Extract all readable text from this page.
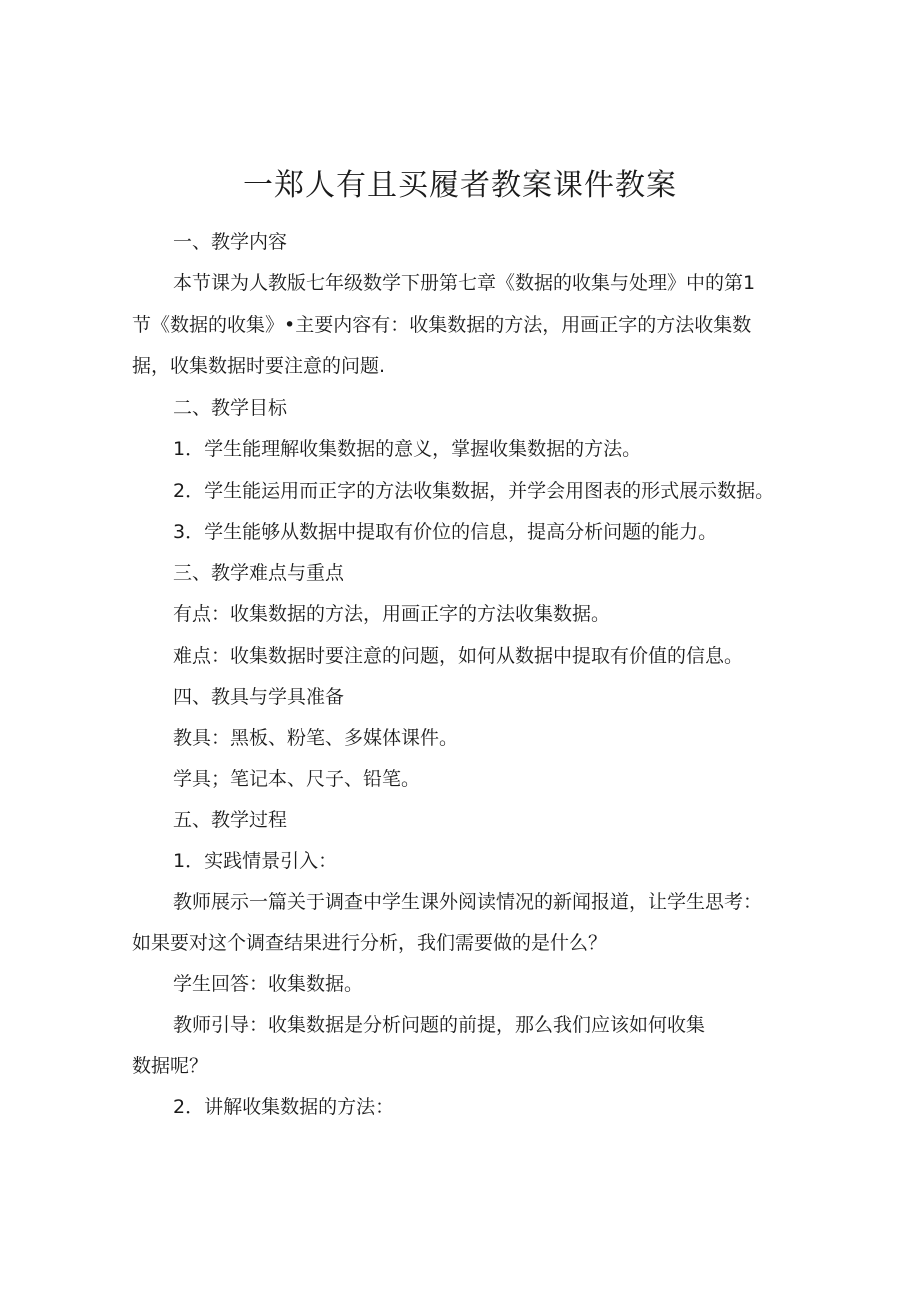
一郑人有且买履者教案课件教案

一、教学内容

本节课为人教版七年级数学下册第七章《数据的收集与处理》中的第1

节《数据的收集》•主要内容有：收集数据的方法，用画正字的方法收集数

据，收集数据时要注意的问题.

二、教学目标

1．学生能理解收集数据的意义，掌握收集数据的方法。

2．学生能运用而正字的方法收集数据，并学会用图表的形式展示数据。

3．学生能够从数据中提取有价位的信息，提高分析问题的能力。

三、教学难点与重点

有点：收集数据的方法，用画正字的方法收集数据。

难点：收集数据时要注意的问题，如何从数据中提取有价值的信息。

四、教具与学具准备

教具：黑板、粉笔、多媒体课件。

学具；笔记本、尺子、铅笔。

五、教学过程

1．实践情景引入：

教师展示一篇关于调查中学生课外阅读情况的新闻报道，让学生思考：

如果要对这个调查结果进行分析，我们需要做的是什么？

学生回答：收集数据。

教师引导：收集数据是分析问题的前提，那么我们应该如何收集

数据呢？

2．讲解收集数据的方法：
